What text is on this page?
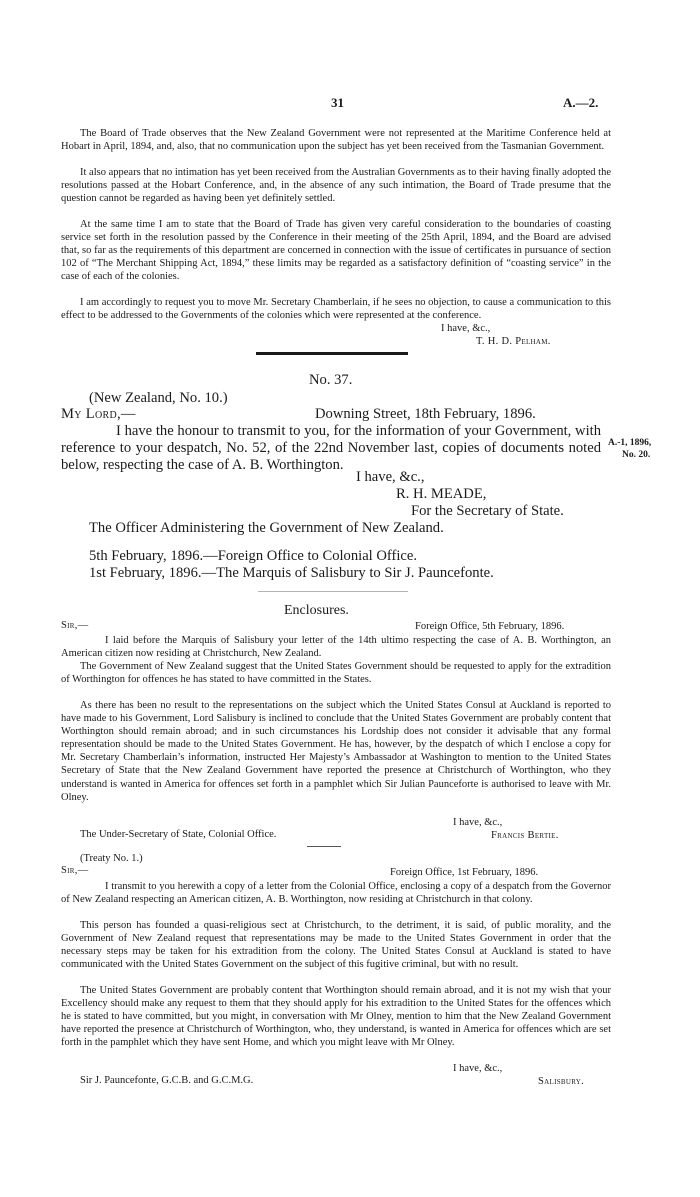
31	A.—2.

The Board of Trade observes that the New Zealand Government were not represented at the Maritime Conference held at Hobart in April, 1894, and, also, that no communication upon the subject has yet been received from the Tasmanian Government.

It also appears that no intimation has yet been received from the Australian Governments as to their having finally adopted the resolutions passed at the Hobart Conference, and, in the absence of any such intimation, the Board of Trade presume that the question cannot be regarded as having been yet definitely settled.

At the same time I am to state that the Board of Trade has given very careful consideration to the boundaries of coasting service set forth in the resolution passed by the Conference in their meeting of the 25th April, 1894, and the Board are advised that, so far as the requirements of this department are concerned in connection with the issue of certificates in pursuance of section 102 of “The Merchant Shipping Act, 1894,” these limits may be regarded as a satisfactory definition of “coasting service” in the case of each of the colonies.

I am accordingly to request you to move Mr. Secretary Chamberlain, if he sees no objection, to cause a communication to this effect to be addressed to the Governments of the colonies which were represented at the conference.

I have, &c.,
T. H. D. Pelham.
No. 37.
(New Zealand, No. 10.)
My Lord,—	Downing Street, 18th February, 1896.

I have the honour to transmit to you, for the information of your Government, with reference to your despatch, No. 52, of the 22nd November last, copies of documents noted below, respecting the case of A. B. Worthington.

A.-1, 1896,
No. 20.
I have, &c.,
R. H. MEADE,
For the Secretary of State.
The Officer Administering the Government of New Zealand.
5th February, 1896.—Foreign Office to Colonial Office.
1st February, 1896.—The Marquis of Salisbury to Sir J. Pauncefonte.
Enclosures.
Sir,—	Foreign Office, 5th February, 1896.

I laid before the Marquis of Salisbury your letter of the 14th ultimo respecting the case of A. B. Worthington, an American citizen now residing at Christchurch, New Zealand.

The Government of New Zealand suggest that the United States Government should be requested to apply for the extradition of Worthington for offences he has stated to have committed in the States.

As there has been no result to the representations on the subject which the United States Consul at Auckland is reported to have made to his Government, Lord Salisbury is inclined to conclude that the United States Government are probably content that Worthington should remain abroad; and in such circumstances his Lordship does not consider it advisable that any formal representation should be made to the United States Government. He has, however, by the despatch of which I enclose a copy for Mr. Secretary Chamberlain’s information, instructed Her Majesty’s Ambassador at Washington to mention to the United States Secretary of State that the New Zealand Government have reported the presence at Christchurch of Worthington, who they understand is wanted in America for offences set forth in a pamphlet which Sir Julian Paunceforte is authorised to leave with Mr. Olney.

I have, &c.,
The Under-Secretary of State, Colonial Office.	Francis Bertie.
(Treaty No. 1.)
Sir,—	Foreign Office, 1st February, 1896.

I transmit to you herewith a copy of a letter from the Colonial Office, enclosing a copy of a despatch from the Governor of New Zealand respecting an American citizen, A. B. Worthington, now residing at Christchurch in that colony.

This person has founded a quasi-religious sect at Christchurch, to the detriment, it is said, of public morality, and the Government of New Zealand request that representations may be made to the United States Government in order that the necessary steps may be taken for his extradition from the colony. The United States Consul at Auckland is stated to have communicated with the United States Government on the subject of this fugitive criminal, but with no result.

The United States Government are probably content that Worthington should remain abroad, and it is not my wish that your Excellency should make any request to them that they should apply for his extradition to the United States for the offences which he is stated to have committed, but you might, in conversation with Mr Olney, mention to him that the New Zealand Government have reported the presence at Christchurch of Worthington, who, they understand, is wanted in America for offences which are set forth in the pamphlet which they have sent Home, and which you might leave with Mr Olney.

I have, &c.,
Sir J. Pauncefonte, G.C.B. and G.C.M.G.	Salisbury.
